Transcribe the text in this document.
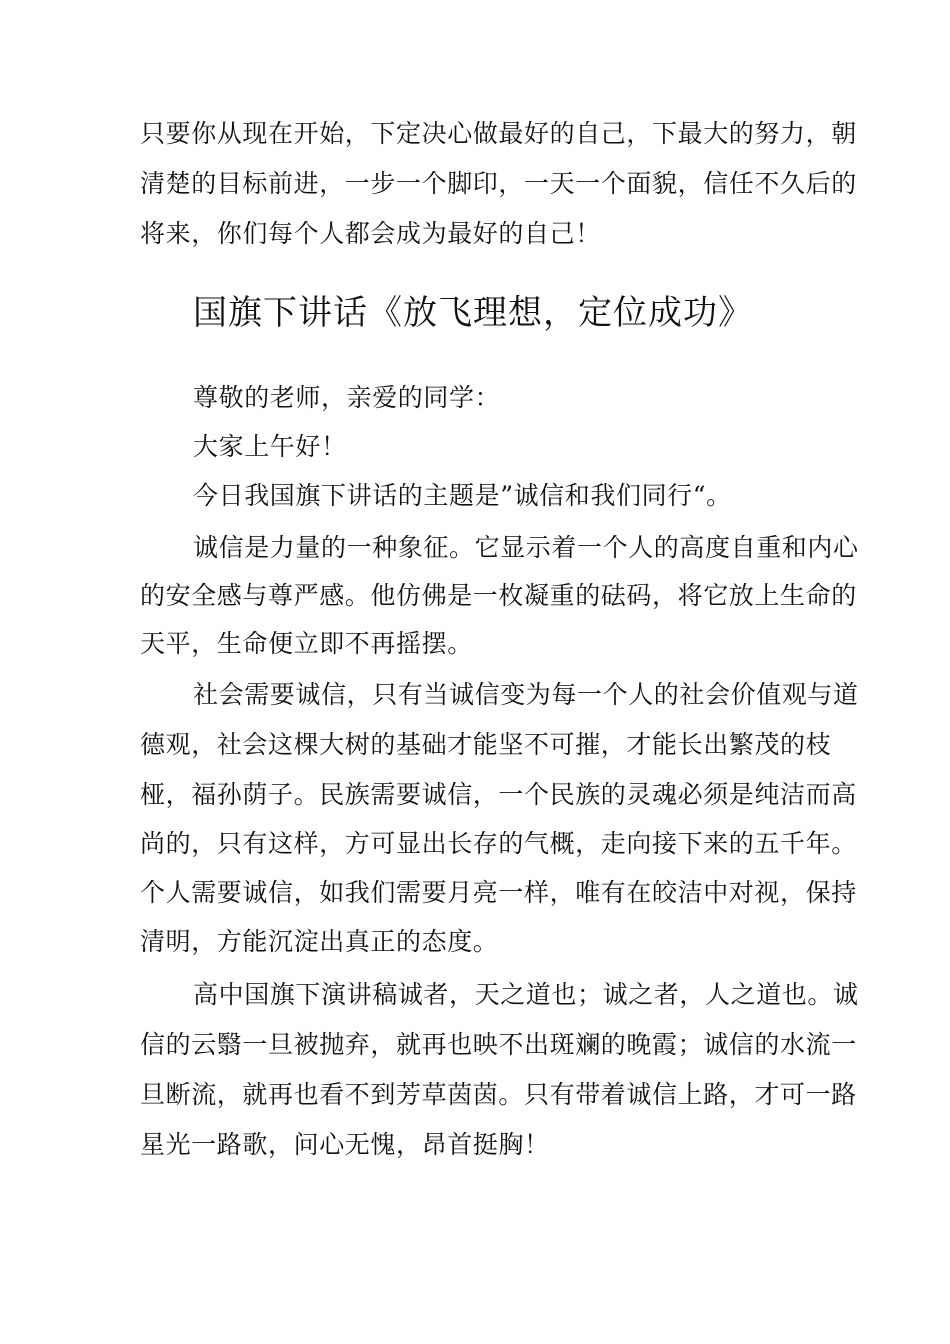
只要你从现在开始，下定决心做最好的自己，下最大的努力，朝
清楚的目标前进，一步一个脚印，一天一个面貌，信任不久后的
将来，你们每个人都会成为最好的自己！
国旗下讲话《放飞理想，定位成功》
尊敬的老师，亲爱的同学：
大家上午好！
今日我国旗下讲话的主题是”诚信和我们同行“。
诚信是力量的一种象征。它显示着一个人的高度自重和内心
的安全感与尊严感。他仿佛是一枚凝重的砝码，将它放上生命的
天平，生命便立即不再摇摆。
社会需要诚信，只有当诚信变为每一个人的社会价值观与道
德观，社会这棵大树的基础才能坚不可摧，才能长出繁茂的枝
桠，福孙荫子。民族需要诚信，一个民族的灵魂必须是纯洁而高
尚的，只有这样，方可显出长存的气概，走向接下来的五千年。
个人需要诚信，如我们需要月亮一样，唯有在皎洁中对视，保持
清明，方能沉淀出真正的态度。
高中国旗下演讲稿诚者，天之道也；诚之者，人之道也。诚
信的云翳一旦被抛弃，就再也映不出斑斓的晚霞；诚信的水流一
旦断流，就再也看不到芳草茵茵。只有带着诚信上路，才可一路
星光一路歌，问心无愧，昂首挺胸！
